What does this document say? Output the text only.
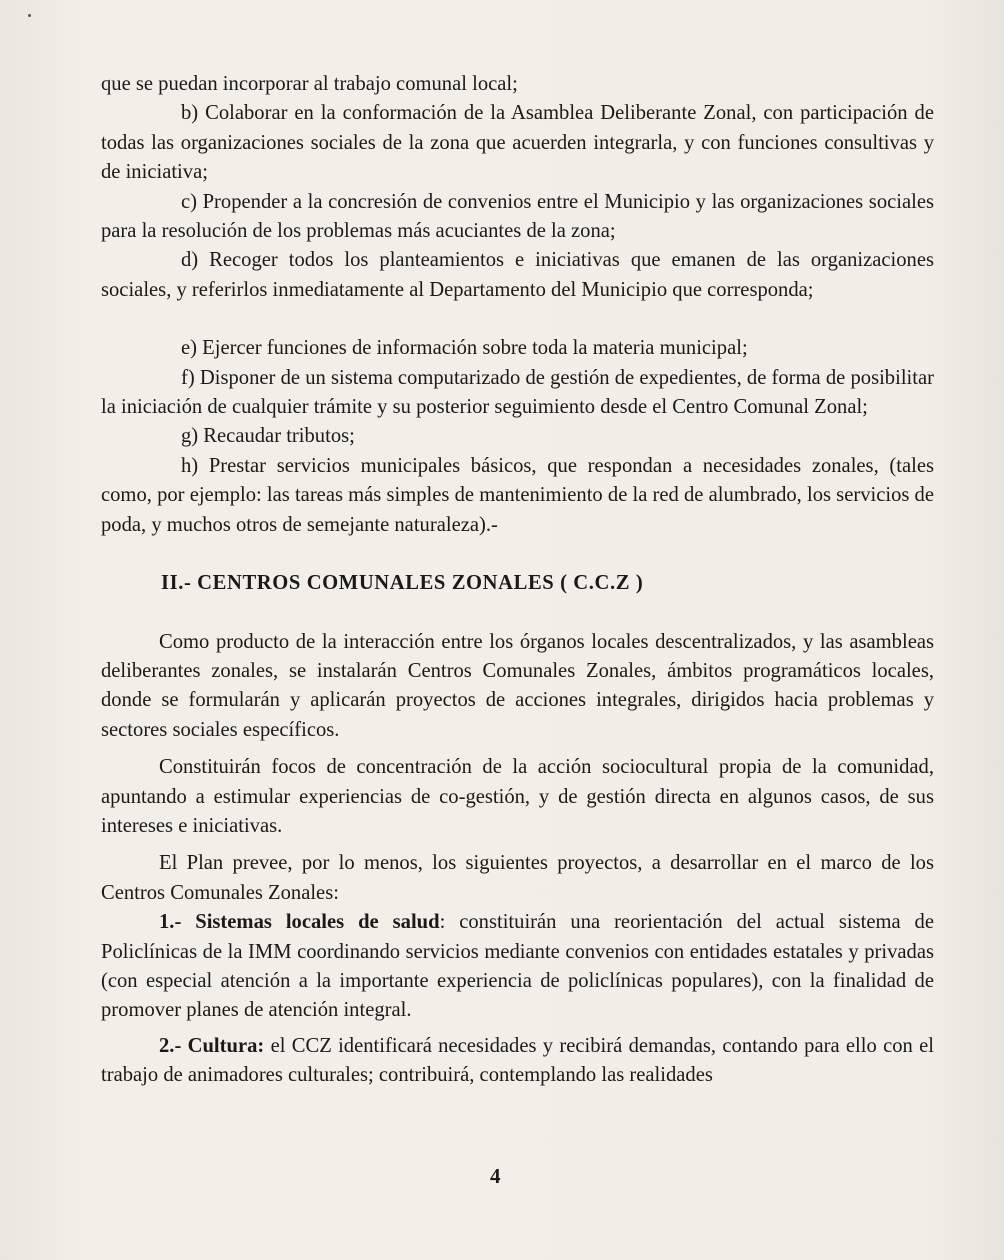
que se puedan incorporar al trabajo comunal local;

b) Colaborar en la conformación de la Asamblea Deliberante Zonal, con participación de todas las organizaciones sociales de la zona que acuerden integrarla, y con funciones consultivas y de iniciativa;

c) Propender a la concresión de convenios entre el Municipio y las organizaciones sociales para la resolución de los problemas más acuciantes de la zona;

d) Recoger todos los planteamientos e iniciativas que emanen de las organizaciones sociales, y referirlos inmediatamente al Departamento del Municipio que corresponda;

e) Ejercer funciones de información sobre toda la materia municipal;

f) Disponer de un sistema computarizado de gestión de expedientes, de forma de posibilitar la iniciación de cualquier trámite y su posterior seguimiento desde el Centro Comunal Zonal;

g) Recaudar tributos;

h) Prestar servicios municipales básicos, que respondan a necesidades zonales, (tales como, por ejemplo: las tareas más simples de mantenimiento de la red de alumbrado, los servicios de poda, y muchos otros de semejante naturaleza).-

II.- CENTROS COMUNALES ZONALES ( C.C.Z )

Como producto de la interacción entre los órganos locales descentralizados, y las asambleas deliberantes zonales, se instalarán Centros Comunales Zonales, ámbitos programáticos locales, donde se formularán y aplicarán proyectos de acciones integrales, dirigidos hacia problemas y sectores sociales específicos.

Constituirán focos de concentración de la acción sociocultural propia de la comunidad, apuntando a estimular experiencias de co-gestión, y de gestión directa en algunos casos, de sus intereses e iniciativas.

El Plan prevee, por lo menos, los siguientes proyectos, a desarrollar en el marco de los Centros Comunales Zonales:

1.- Sistemas locales de salud: constituirán una reorientación del actual sistema de Policlínicas de la IMM coordinando servicios mediante convenios con entidades estatales y privadas (con especial atención a la importante experiencia de policlínicas populares), con la finalidad de promover planes de atención integral.

2.- Cultura: el CCZ identificará necesidades y recibirá demandas, contando para ello con el trabajo de animadores culturales; contribuirá, contemplando las realidades

4
